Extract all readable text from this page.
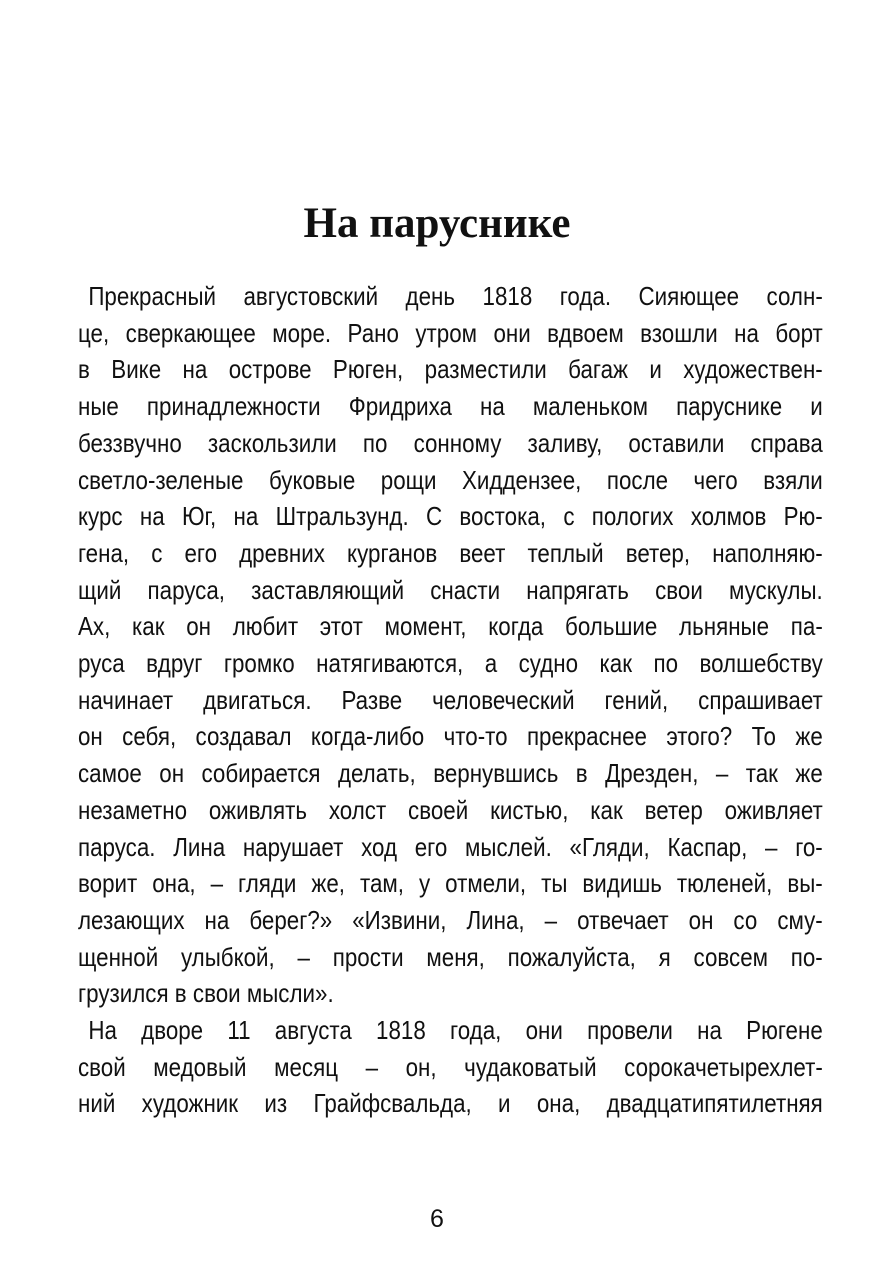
На паруснике

Прекрасный августовский день 1818 года. Сияющее солн-
це, сверкающее море. Рано утром они вдвоем взошли на борт
в Вике на острове Рюген, разместили багаж и художествен-
ные принадлежности Фридриха на маленьком паруснике и
беззвучно заскользили по сонному заливу, оставили справа
светло-зеленые буковые рощи Хиддензее, после чего взяли
курс на Юг, на Штральзунд. С востока, с пологих холмов Рю-
гена, с его древних курганов веет теплый ветер, наполняю-
щий паруса, заставляющий снасти напрягать свои мускулы.
Ах, как он любит этот момент, когда большие льняные па-
руса вдруг громко натягиваются, а судно как по волшебству
начинает двигаться. Разве человеческий гений, спрашивает
он себя, создавал когда-либо что-то прекраснее этого? То же
самое он собирается делать, вернувшись в Дрезден, – так же
незаметно оживлять холст своей кистью, как ветер оживляет
паруса. Лина нарушает ход его мыслей. «Гляди, Каспар, – го-
ворит она, – гляди же, там, у отмели, ты видишь тюленей, вы-
лезающих на берег?» «Извини, Лина, – отвечает он со сму-
щенной улыбкой, – прости меня, пожалуйста, я совсем по-
грузился в свои мысли».

На дворе 11 августа 1818 года, они провели на Рюгене
свой медовый месяц – он, чудаковатый сорокачетырехлет-
ний художник из Грайфсвальда, и она, двадцатипятилетняя

6
